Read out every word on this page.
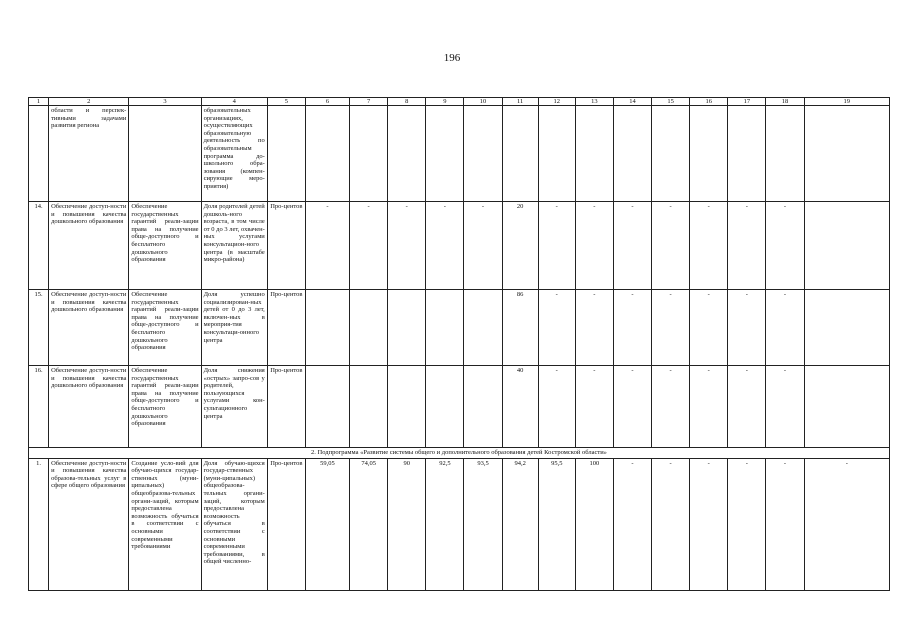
196
1	2	3	4	5	6	7	8	9	10	11	12	13	14	15	16	17	18	19
	области и перспек-тивными задачами развития региона		образовательных организациях, осуществляющих образовательную деятельность по образовательным программа до-школьного обра-зования (компен-сирующие меро-приятия)															
14.	Обеспечение доступ-ности и повышения качества дошкольного образования	Обеспечение государственных гарантий реали-зации права на получение обще-доступного и бесплатного дошкольного образования	Доля родителей детей дошколь-ного возраста, в том числе от 0 до 3 лет, охвачен-ных услугами консультацион-ного центра (в масштабе микро-района)	Про-центов	-	-	-	-	-	20	-	-	-	-	-	-	-	
15.	Обеспечение доступ-ности и повышения качества дошкольного образования	Обеспечение государственных гарантий реали-зации права на получение обще-доступного и бесплатного дошкольного образования	Доля успешно социализирован-ных детей от 0 до 3 лет, включен-ных в мероприя-тия консультаци-онного центра	Про-центов						86	-	-	-	-	-	-	-	
16.	Обеспечение доступ-ности и повышения качества дошкольного образования	Обеспечение государственных гарантий реали-зации права на получение обще-доступного и бесплатного дошкольного образования	Доля снижения «острых» запро-сов у родителей, пользующихся услугами кон-сультационного центра	Про-центов						40	-	-	-	-	-	-	-	
2. Подпрограмма «Развитие системы общего и дополнительного образования детей Костромской области»																		
1.	Обеспечение доступ-ности и повышения качества образова-тельных услуг в сфере общего образования	Создание усло-вий для обучаю-щихся государ-ственных (муни-ципальных) общеобразова-тельных органи-заций, которым предоставлена возможность обучаться в соответствии с основными современными требованиями	Доля обучаю-щихся государ-ственных (муни-ципальных) общеобразова-тельных органи-заций, которым предоставлена возможность обучаться в соответствии с основными современными требованиями, в общей численно-	Про-центов	59,05	74,05	90	92,5	93,5	94,2	95,5	100	-	-	-	-	-	-
